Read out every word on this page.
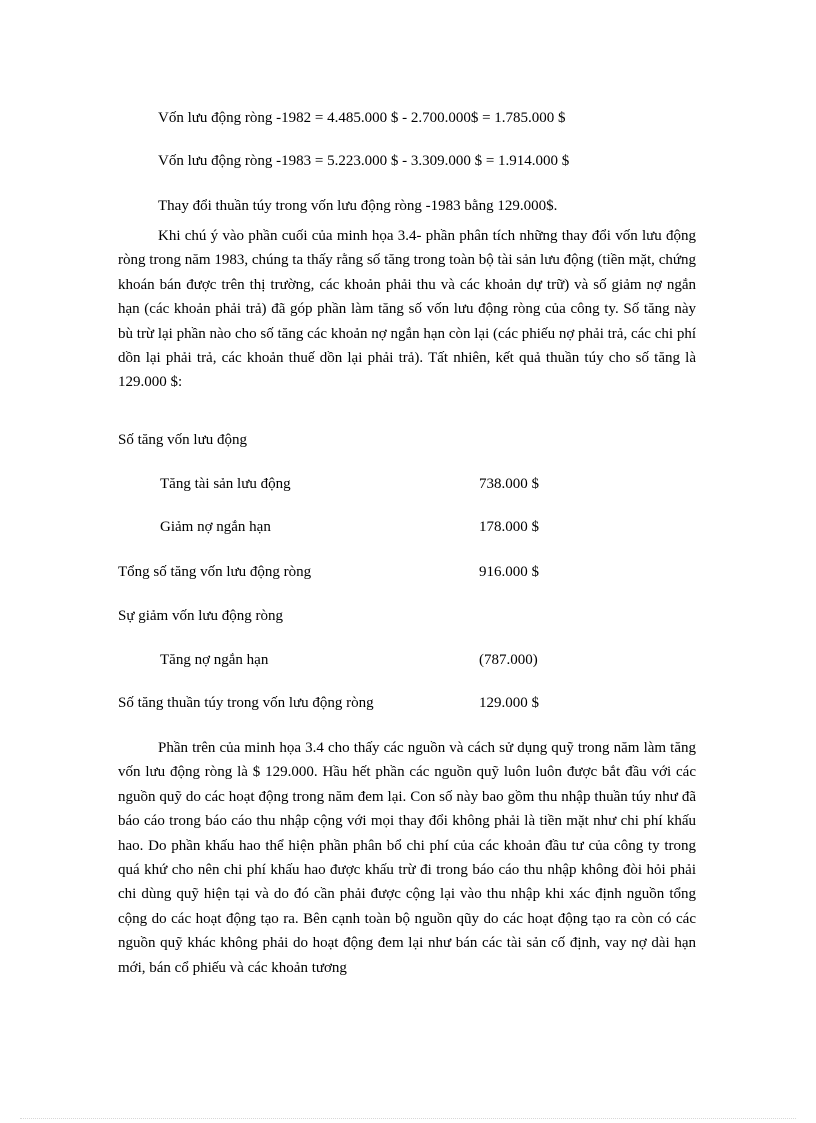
Vốn lưu động ròng -1982 = 4.485.000 $ - 2.700.000$ = 1.785.000 $
Vốn lưu động ròng -1983 = 5.223.000 $ - 3.309.000 $ = 1.914.000 $
Thay đổi thuần túy trong vốn lưu động ròng -1983 bằng 129.000$.

Khi chú ý vào phần cuối của minh họa 3.4- phần phân tích những thay đổi vốn lưu động ròng trong năm 1983, chúng ta thấy rằng số tăng trong toàn bộ tài sản lưu động (tiền mặt, chứng khoán bán được trên thị trường, các khoản phải thu và các khoản dự trữ) và số giảm nợ ngắn hạn (các khoản phải trả) đã góp phần làm tăng số vốn lưu động ròng của công ty. Số tăng này bù trừ lại phần nào cho số tăng các khoản nợ ngắn hạn còn lại (các phiếu nợ phải trả, các chi phí dồn lại phải trả, các khoản thuế dồn lại phải trả). Tất nhiên, kết quả thuần túy cho số tăng là 129.000 $:

Số tăng vốn lưu động
Tăng tài sản lưu động	738.000 $
Giảm nợ ngắn hạn	178.000 $
Tổng số tăng vốn lưu động ròng	916.000 $
Sự giảm vốn lưu động ròng
Tăng nợ ngắn hạn	(787.000)
Số tăng thuần túy trong vốn lưu động ròng	129.000 $

Phần trên của minh họa 3.4 cho thấy các nguồn và cách sử dụng quỹ trong năm làm tăng vốn lưu động ròng là $ 129.000. Hầu hết phần các nguồn quỹ luôn luôn được bắt đầu với các nguồn quỹ do các hoạt động trong năm đem lại. Con số này bao gồm thu nhập thuần túy như đã báo cáo trong báo cáo thu nhập cộng với mọi thay đổi không phải là tiền mặt như chi phí khấu hao. Do phần khấu hao thể hiện phần phân bổ chi phí của các khoản đầu tư của công ty trong quá khứ cho nên chi phí khấu hao được khấu trừ đi trong báo cáo thu nhập không đòi hỏi phải chi dùng quỹ hiện tại và do đó cần phải được cộng lại vào thu nhập khi xác định nguồn tổng cộng do các hoạt động tạo ra. Bên cạnh toàn bộ nguồn qũy do các hoạt động tạo ra còn có các nguồn quỹ khác không phải do hoạt động đem lại như bán các tài sản cố định, vay nợ dài hạn mới, bán cổ phiếu và các khoản tương
